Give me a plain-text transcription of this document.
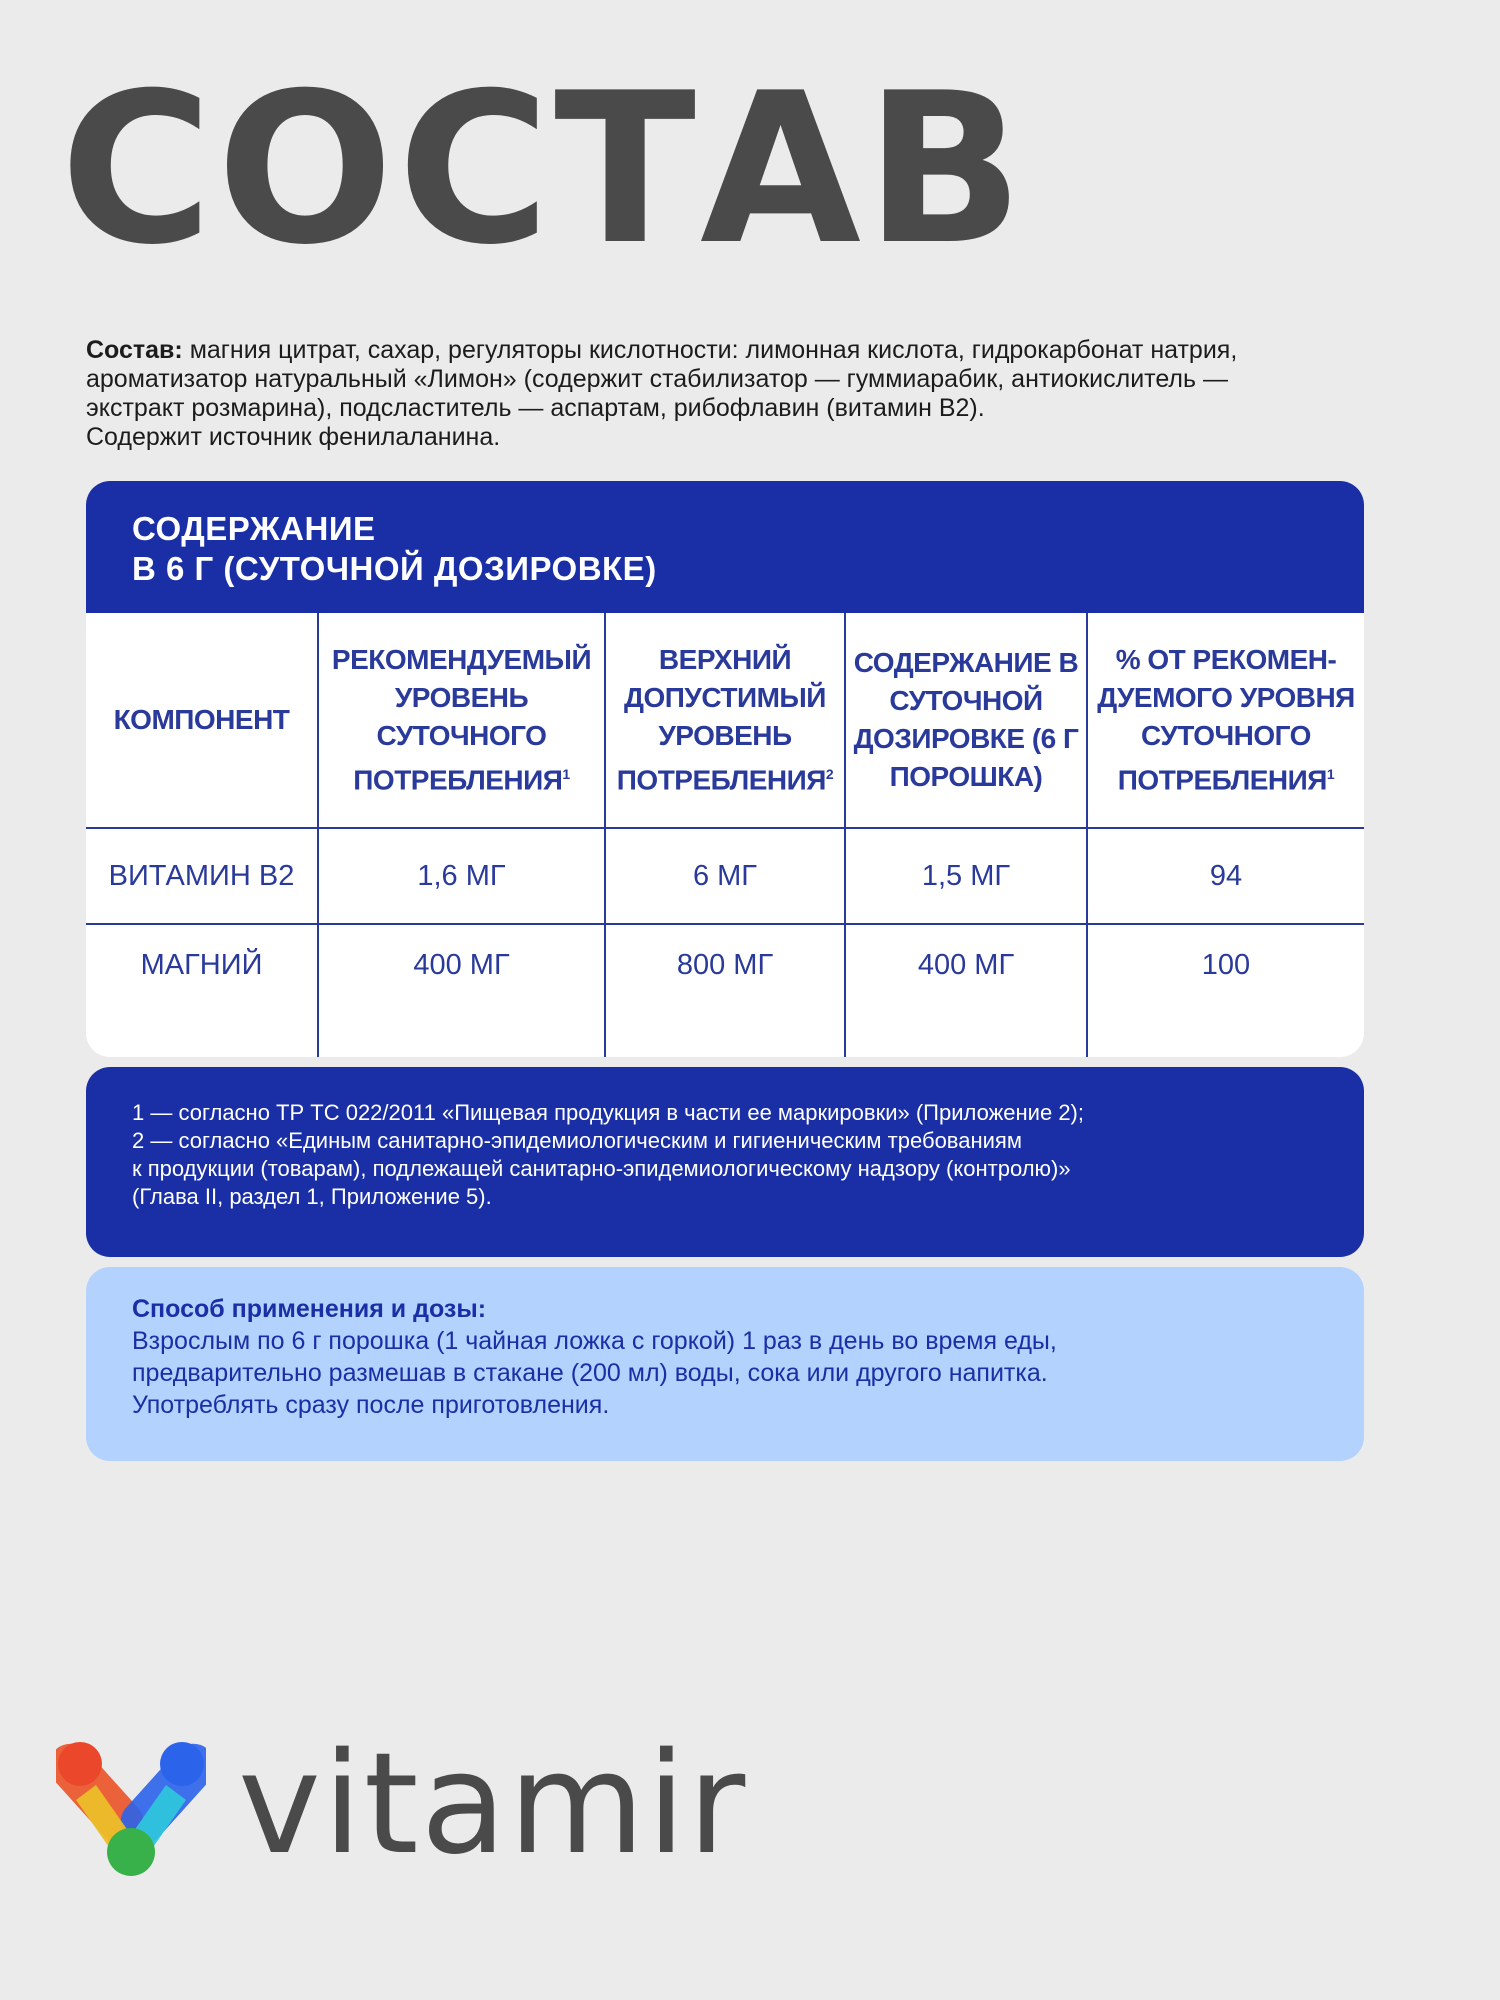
СОСТАВ

Состав: магния цитрат, сахар, регуляторы кислотности: лимонная кислота, гидрокарбонат натрия,

ароматизатор натуральный «Лимон» (содержит стабилизатор — гуммиарабик, антиокислитель —

экстракт розмарина), подсластитель — аспартам, рибофлавин (витамин В2).

Содержит источник фенилаланина.

СОДЕРЖАНИЕ
В 6 Г (СУТОЧНОЙ ДОЗИРОВКЕ)
КОМПОНЕНТ	РЕКОМЕНДУЕМЫЙ УРОВЕНЬ СУТОЧНОГО ПОТРЕБЛЕНИЯ$^1$	ВЕРХНИЙ ДОПУСТИМЫЙ УРОВЕНЬ ПОТРЕБЛЕНИЯ$^2$	СОДЕРЖАНИЕ В СУТОЧНОЙ ДОЗИРОВКЕ (6 Г ПОРОШКА)	% ОТ РЕКОМЕН-ДУЕМОГО УРОВНЯ СУТОЧНОГО ПОТРЕБЛЕНИЯ$^1$
ВИТАМИН В2	1,6 МГ	6 МГ	1,5 МГ	94
МАГНИЙ	400 МГ	800 МГ	400 МГ	100

1 — согласно ТР ТС 022/2011 «Пищевая продукция в части ее маркировки» (Приложение 2);

2 — согласно «Единым санитарно-эпидемиологическим и гигиеническим требованиям

к продукции (товарам), подлежащей санитарно-эпидемиологическому надзору (контролю)»

(Глава II, раздел 1, Приложение 5).

Способ применения и дозы:

Взрослым по 6 г порошка (1 чайная ложка с горкой) 1 раз в день во время еды,

предварительно размешав в стакане (200 мл) воды, сока или другого напитка.

Употреблять сразу после приготовления.

vitamir
